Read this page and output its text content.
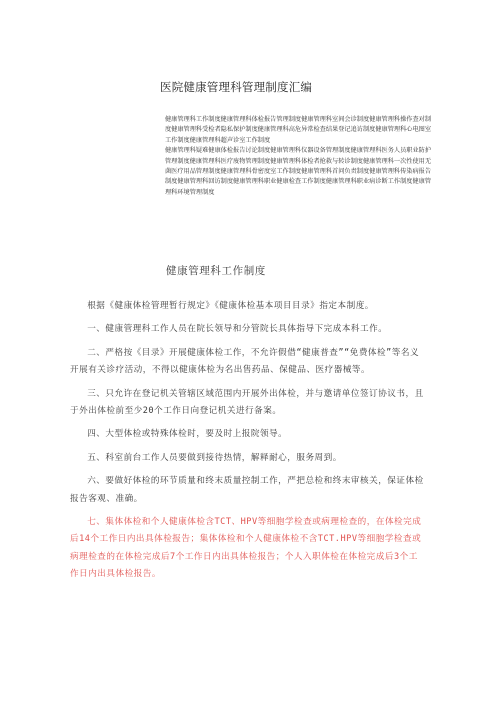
医院健康管理科管理制度汇编

健康管理科工作制度健康管理科体检报告管理制度健康管理科室间会诊制度健康管理科操作查对制度健康管理科受检者隐私保护制度健康管理科高危异常检查结果登记追访制度健康管理科心电图室工作制度健康管理科超声诊室工作制度

健康管理科疑难健康体检报告讨论制度健康管理科仪器设备管理制度健康管理科医务人员职业防护管理制度健康管理科医疗废物管理制度健康管理科体检者抢救与转诊制度健康管理科一次性使用无菌医疗用品管理制度健康管理科骨密度室工作制度健康管理科首问负责制度健康管理科传染病报告制度健康管理科回访制度健康管理科职业健康检查工作制度健康管理科职业病诊断工作制度健康管理科环境管理制度

健康管理科工作制度

根据《健康体检管理暂行规定》《健康体检基本项目目录》指定本制度。

一、健康管理科工作人员在院长领导和分管院长具体指导下完成本科工作。

二、严格按《目录》开展健康体检工作，不允许假借“健康普查”“免费体检”等名义开展有关诊疗活动，不得以健康体检为名出售药品、保健品、医疗器械等。

三、只允许在登记机关管辖区域范围内开展外出体检，并与邀请单位签订协议书，且于外出体检前至少20个工作日向登记机关进行备案。

四、大型体检或特殊体检时，要及时上报院领导。

五、科室前台工作人员要做到接待热情，解释耐心，服务周到。

六、要做好体检的环节质量和终末质量控制工作，严把总检和终末审核关，保证体检报告客观、准确。

七、集体体检和个人健康体检含TCT、HPV等细胞学检查或病理检查的，在体检完成后14个工作日内出具体检报告；集体体检和个人健康体检不含TCT.HPV等细胞学检查或病理检查的在体检完成后7个工作日内出具体检报告；个人入职体检在体检完成后3个工作日内出具体检报告。
